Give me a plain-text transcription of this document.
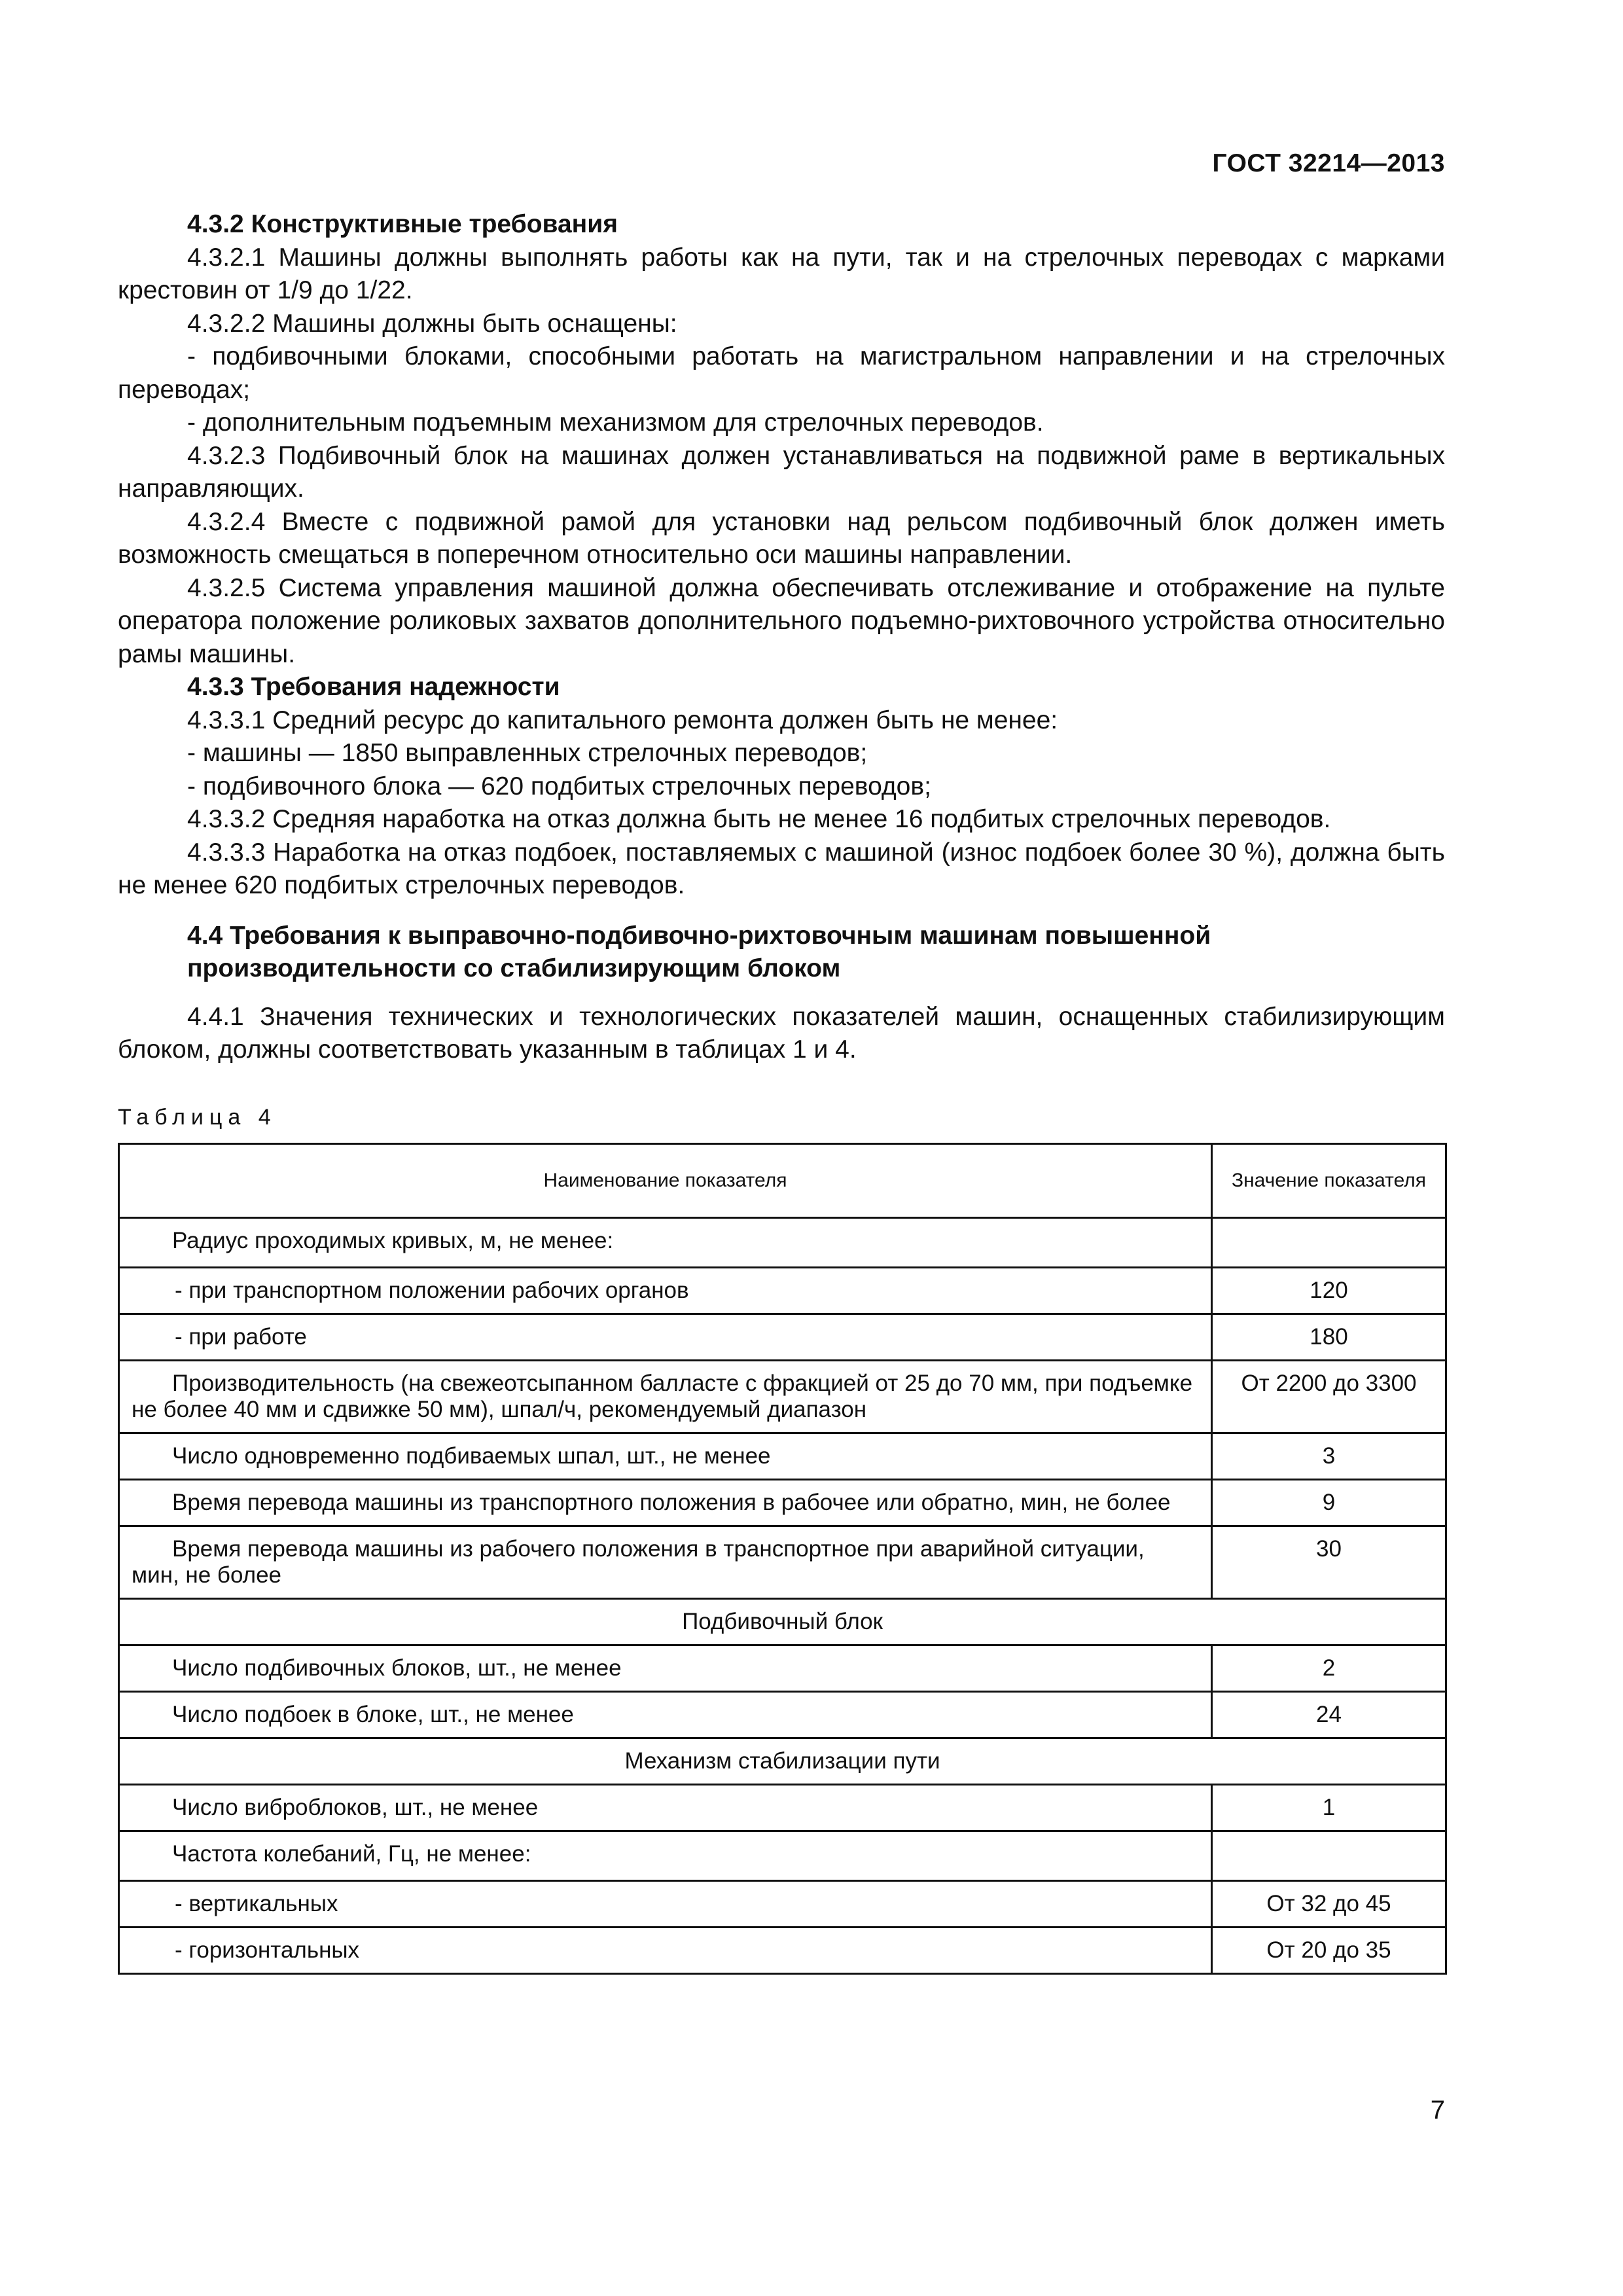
ГОСТ 32214—2013
4.3.2 Конструктивные требования
4.3.2.1 Машины должны выполнять работы как на пути, так и на стрелочных переводах с марками крестовин от 1/9 до 1/22.
4.3.2.2 Машины должны быть оснащены:
- подбивочными блоками, способными работать на магистральном направлении и на стрелочных переводах;
- дополнительным подъемным механизмом для стрелочных переводов.
4.3.2.3 Подбивочный блок на машинах должен устанавливаться на подвижной раме в вертикальных направляющих.
4.3.2.4 Вместе с подвижной рамой для установки над рельсом подбивочный блок должен иметь возможность смещаться в поперечном относительно оси машины направлении.
4.3.2.5 Система управления машиной должна обеспечивать отслеживание и отображение на пульте оператора положение роликовых захватов дополнительного подъемно-рихтовочного устройства относительно рамы машины.
4.3.3 Требования надежности
4.3.3.1 Средний ресурс до капитального ремонта должен быть не менее:
- машины — 1850 выправленных стрелочных переводов;
- подбивочного блока — 620 подбитых стрелочных переводов;
4.3.3.2 Средняя наработка на отказ должна быть не менее 16 подбитых стрелочных переводов.
4.3.3.3 Наработка на отказ подбоек, поставляемых с машиной (износ подбоек более 30 %), должна быть не менее 620 подбитых стрелочных переводов.
4.4 Требования к выправочно-подбивочно-рихтовочным машинам повышенной производительности со стабилизирующим блоком
4.4.1 Значения технических и технологических показателей машин, оснащенных стабилизирующим блоком, должны соответствовать указанным в таблицах 1 и 4.
Таблица 4
Наименование показателя	Значение показателя
Радиус проходимых кривых, м, не менее:	
- при транспортном положении рабочих органов	120
- при работе	180
Производительность (на свежеотсыпанном балласте с фракцией от 25 до 70 мм, при подъемке не более 40 мм и сдвижке 50 мм), шпал/ч, рекомендуемый диапазон	От 2200 до 3300
Число одновременно подбиваемых шпал, шт., не менее	3
Время перевода машины из транспортного положения в рабочее или обратно, мин, не более	9
Время перевода машины из рабочего положения в транспортное при аварийной ситуации, мин, не более	30
Подбивочный блок	
Число подбивочных блоков, шт., не менее	2
Число подбоек в блоке, шт., не менее	24
Механизм стабилизации пути	
Число виброблоков, шт., не менее	1
Частота колебаний, Гц, не менее:	
- вертикальных	От 32 до 45
- горизонтальных	От 20 до 35
7
